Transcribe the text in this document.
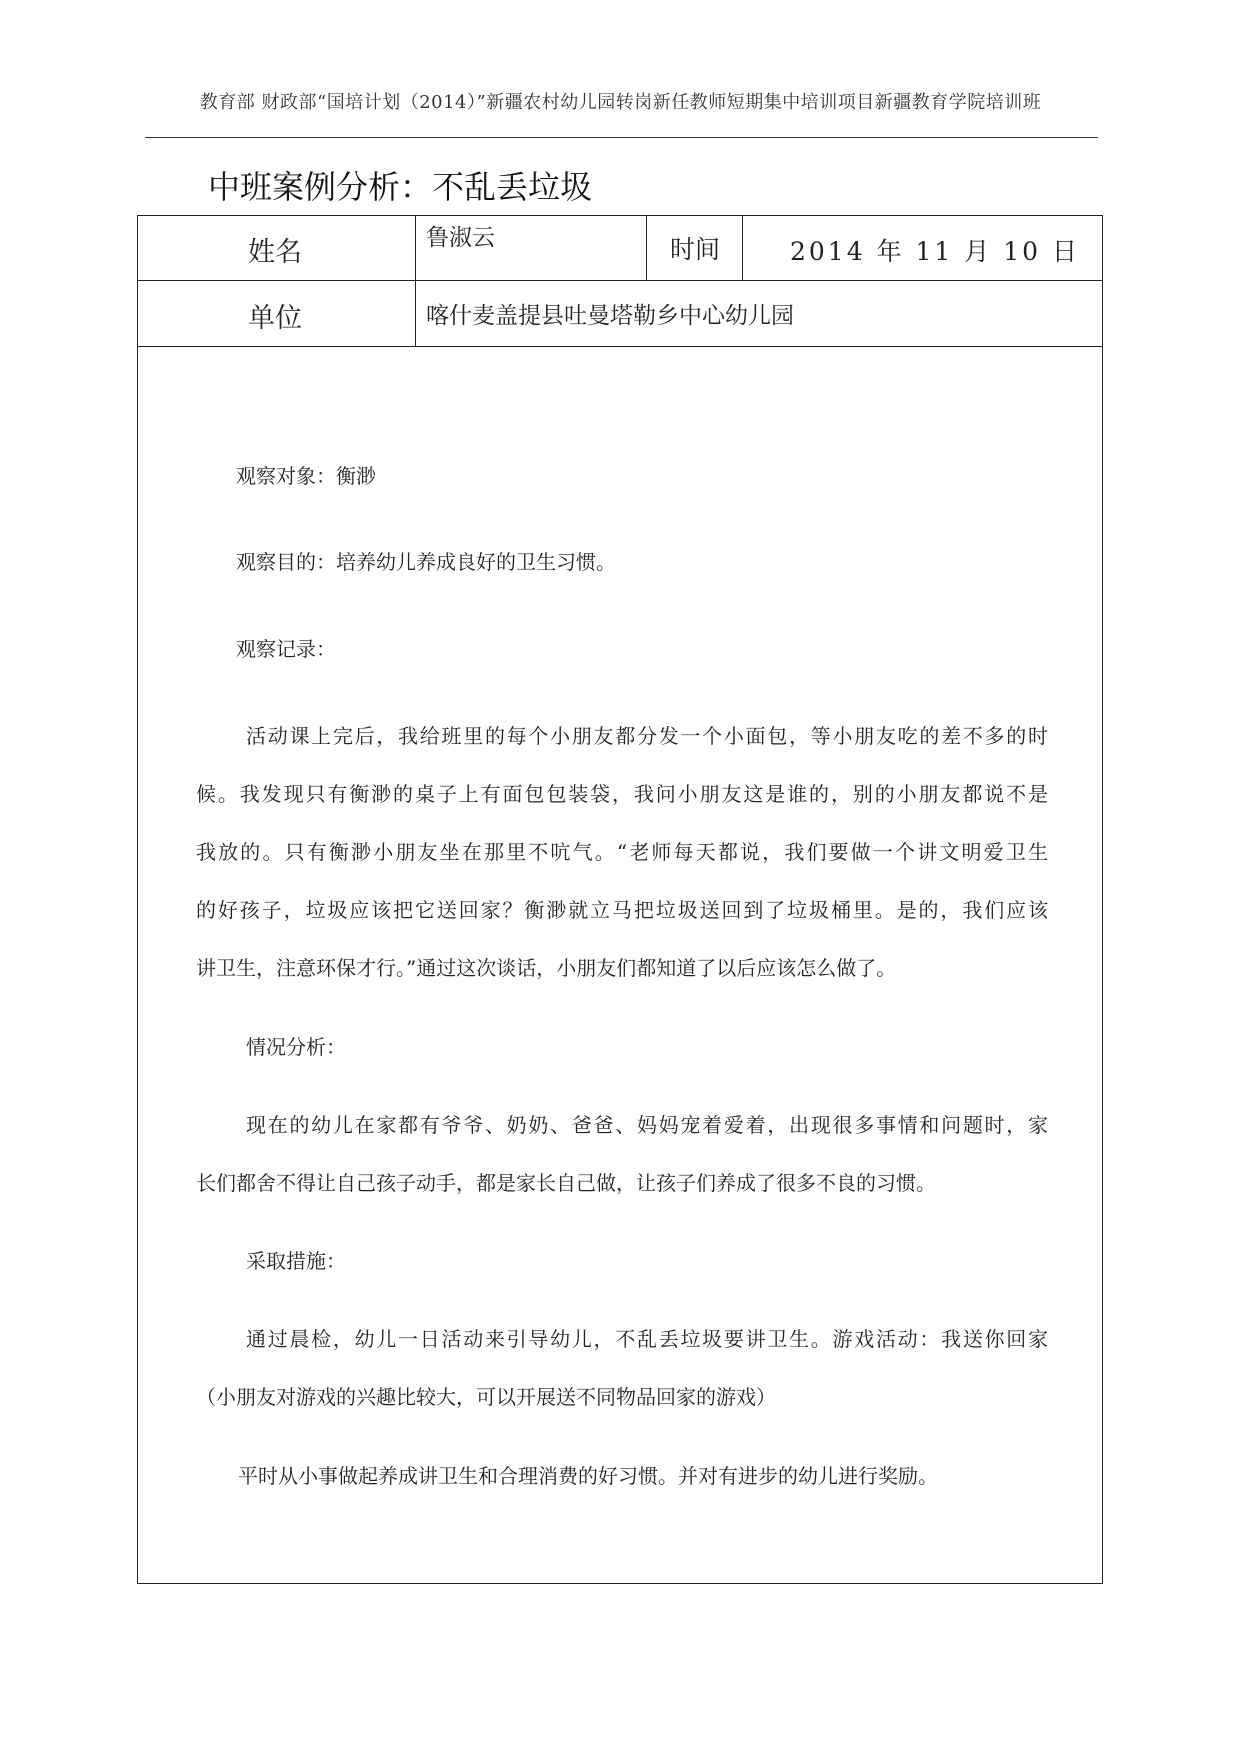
教育部 财政部“国培计划（2014）”新疆农村幼儿园转岗新任教师短期集中培训项目新疆教育学院培训班
中班案例分析：不乱丢垃圾
姓名	鲁淑云	时间	2014 年 11 月 10 日
单位	喀什麦盖提县吐曼塔勒乡中心幼儿园
观察对象：衡渺
观察目的：培养幼儿养成良好的卫生习惯。
观察记录：
活动课上完后，我给班里的每个小朋友都分发一个小面包，等小朋友吃的差不多的时
候。我发现只有衡渺的桌子上有面包包装袋，我问小朋友这是谁的，别的小朋友都说不是
我放的。只有衡渺小朋友坐在那里不吭气。“老师每天都说，我们要做一个讲文明爱卫生
的好孩子，垃圾应该把它送回家？衡渺就立马把垃圾送回到了垃圾桶里。是的，我们应该
讲卫生，注意环保才行。”通过这次谈话，小朋友们都知道了以后应该怎么做了。
情况分析：
现在的幼儿在家都有爷爷、奶奶、爸爸、妈妈宠着爱着，出现很多事情和问题时，家
长们都舍不得让自己孩子动手，都是家长自己做，让孩子们养成了很多不良的习惯。
采取措施：
通过晨检，幼儿一日活动来引导幼儿，不乱丢垃圾要讲卫生。游戏活动：我送你回家
（小朋友对游戏的兴趣比较大，可以开展送不同物品回家的游戏）
平时从小事做起养成讲卫生和合理消费的好习惯。并对有进步的幼儿进行奖励。
